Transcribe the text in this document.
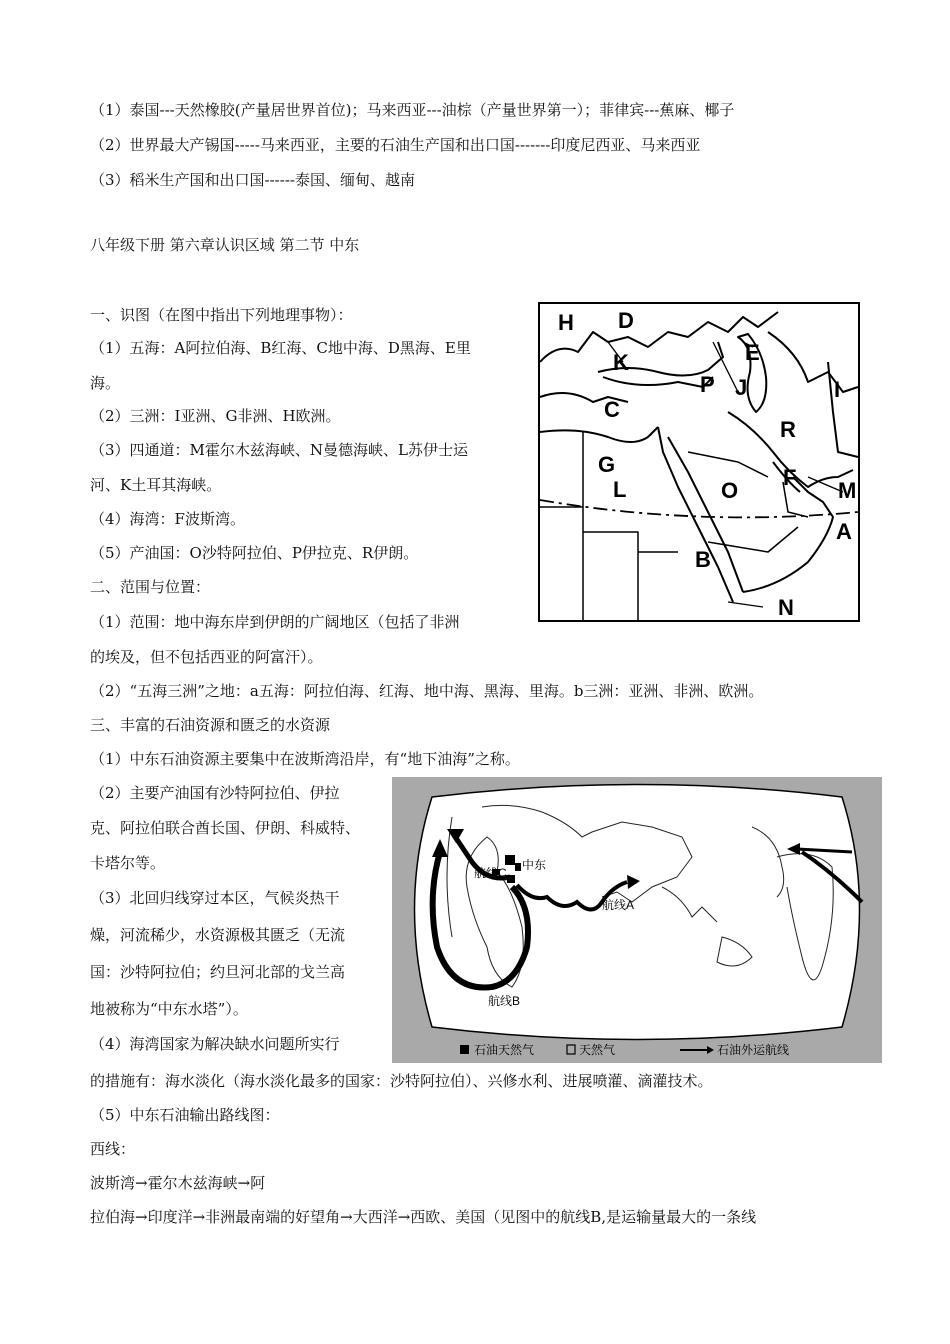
（1）泰国---天然橡胶(产量居世界首位)；马来西亚---油棕（产量世界第一）；菲律宾---蕉麻、椰子
（2）世界最大产锡国-----马来西亚，主要的石油生产国和出口国-------印度尼西亚、马来西亚
（3）稻米生产国和出口国------泰国、缅甸、越南
八年级下册 第六章认识区域 第二节 中东
一、识图（在图中指出下列地理事物）：
（1）五海：A阿拉伯海、B红海、C地中海、D黑海、E里
海。
（2）三洲：I亚洲、G非洲、H欧洲。
（3）四通道：M霍尔木兹海峡、N曼德海峡、L苏伊士运
河、K土耳其海峡。
（4）海湾：F波斯湾。
（5）产油国：O沙特阿拉伯、P伊拉克、R伊朗。
二、范围与位置：
（1）范围：地中海东岸到伊朗的广阔地区（包括了非洲
的埃及，但不包括西亚的阿富汗）。
（2）“五海三洲”之地：a五海：阿拉伯海、红海、地中海、黑海、里海。b三洲：亚洲、非洲、欧洲。
三、丰富的石油资源和匮乏的水资源
（1）中东石油资源主要集中在波斯湾沿岸，有“地下油海”之称。
（2）主要产油国有沙特阿拉伯、伊拉
克、阿拉伯联合酋长国、伊朗、科威特、
卡塔尔等。
（3）北回归线穿过本区，气候炎热干
燥，河流稀少，水资源极其匮乏（无流
国：沙特阿拉伯；约旦河北部的戈兰高
地被称为“中东水塔”）。
（4）海湾国家为解决缺水问题所实行
的措施有：海水淡化（海水淡化最多的国家：沙特阿拉伯）、兴修水利、进展喷灌、滴灌技术。
（5）中东石油输出路线图：
西线：
波斯湾→霍尔木兹海峡→阿
拉伯海→印度洋→非洲最南端的好望角→大西洋→西欧、美国（见图中的航线B,是运输量最大的一条线
H D
K	E
J
P	I
C
R
G
L	O
F
M
A
B
N
中东
航线C
航线B
航线A
石油天然气	天然气	石油外运航线
